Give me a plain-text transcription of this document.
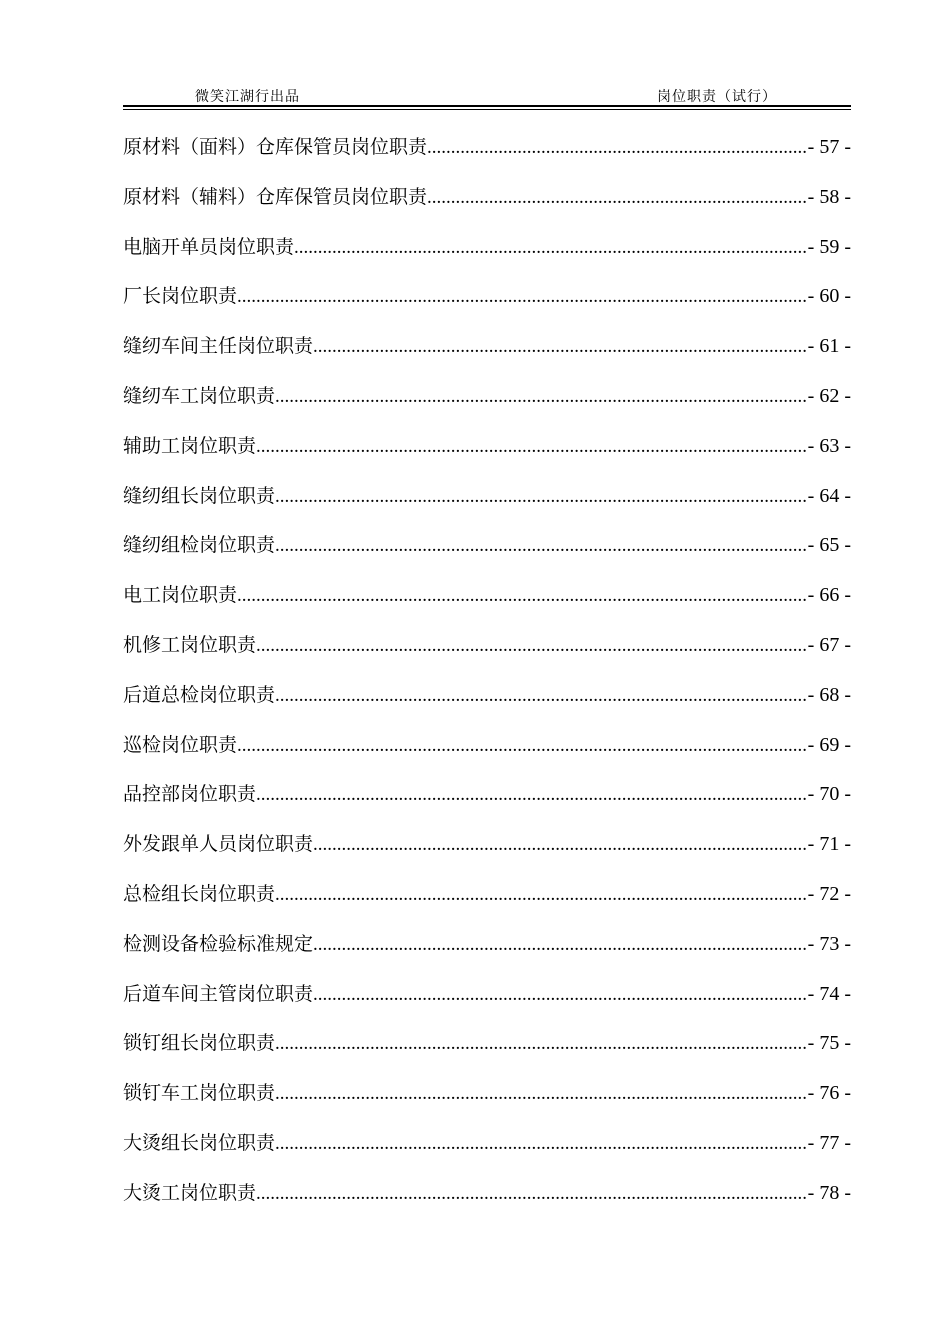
微笑江湖行出品	岗位职责（试行）
原材料（面料）仓库保管员岗位职责 .....	- 57 -
原材料（辅料）仓库保管员岗位职责 .....	- 58 -
电脑开单员岗位职责 .....	- 59 -
厂长岗位职责 .....	- 60 -
缝纫车间主任岗位职责 .....	- 61 -
缝纫车工岗位职责 .....	- 62 -
辅助工岗位职责 .....	- 63 -
缝纫组长岗位职责 .....	- 64 -
缝纫组检岗位职责 .....	- 65 -
电工岗位职责 .....	- 66 -
机修工岗位职责 .....	- 67 -
后道总检岗位职责 .....	- 68 -
巡检岗位职责 .....	- 69 -
品控部岗位职责 .....	- 70 -
外发跟单人员岗位职责 .....	- 71 -
总检组长岗位职责 .....	- 72 -
检测设备检验标准规定 .....	- 73 -
后道车间主管岗位职责 .....	- 74 -
锁钉组长岗位职责 .....	- 75 -
锁钉车工岗位职责 .....	- 76 -
大烫组长岗位职责 .....	- 77 -
大烫工岗位职责 .....	- 78 -
